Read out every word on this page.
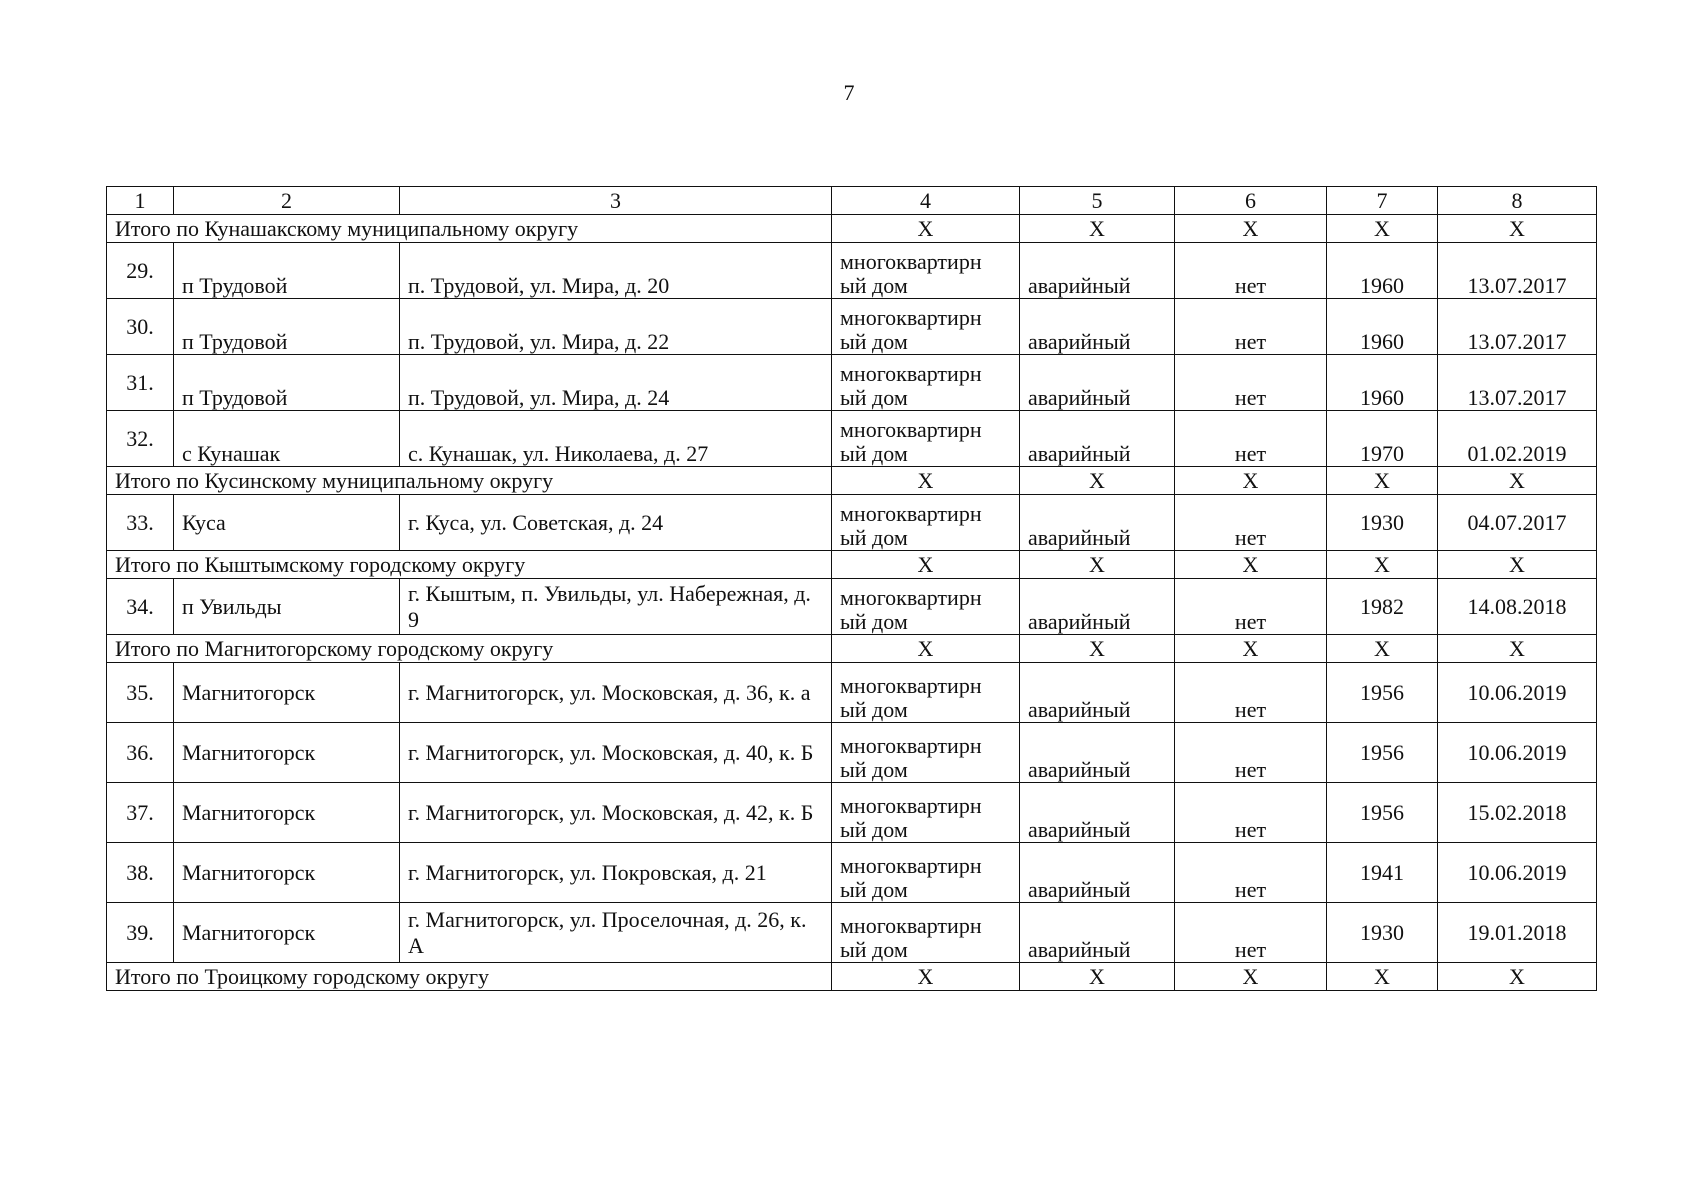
7
1	2	3	4	5	6	7	8
Итого по Кунашакскому муниципальному округу			X	X	X	X	X
29.	п Трудовой	п. Трудовой, ул. Мира, д. 20	многоквартирн ый дом	аварийный	нет	1960	13.07.2017
30.	п Трудовой	п. Трудовой, ул. Мира, д. 22	многоквартирн ый дом	аварийный	нет	1960	13.07.2017
31.	п Трудовой	п. Трудовой, ул. Мира, д. 24	многоквартирн ый дом	аварийный	нет	1960	13.07.2017
32.	с Кунашак	с. Кунашак, ул. Николаева, д. 27	многоквартирн ый дом	аварийный	нет	1970	01.02.2019
Итого по Кусинскому муниципальному округу			X	X	X	X	X
33.	Куса	г. Куса, ул. Советская, д. 24	многоквартирн ый дом	аварийный	нет	1930	04.07.2017
Итого по Кыштымскому городскому округу			X	X	X	X	X
34.	п Увильды	г. Кыштым, п. Увильды, ул. Набережная, д. 9	многоквартирн ый дом	аварийный	нет	1982	14.08.2018
Итого по Магнитогорскому городскому округу			X	X	X	X	X
35.	Магнитогорск	г. Магнитогорск, ул. Московская, д. 36, к. а	многоквартирн ый дом	аварийный	нет	1956	10.06.2019
36.	Магнитогорск	г. Магнитогорск, ул. Московская, д. 40, к. Б	многоквартирн ый дом	аварийный	нет	1956	10.06.2019
37.	Магнитогорск	г. Магнитогорск, ул. Московская, д. 42, к. Б	многоквартирн ый дом	аварийный	нет	1956	15.02.2018
38.	Магнитогорск	г. Магнитогорск, ул. Покровская, д. 21	многоквартирн ый дом	аварийный	нет	1941	10.06.2019
39.	Магнитогорск	г. Магнитогорск, ул. Проселочная, д. 26, к. А	многоквартирн ый дом	аварийный	нет	1930	19.01.2018
Итого по Троицкому городскому округу			X	X	X	X	X
